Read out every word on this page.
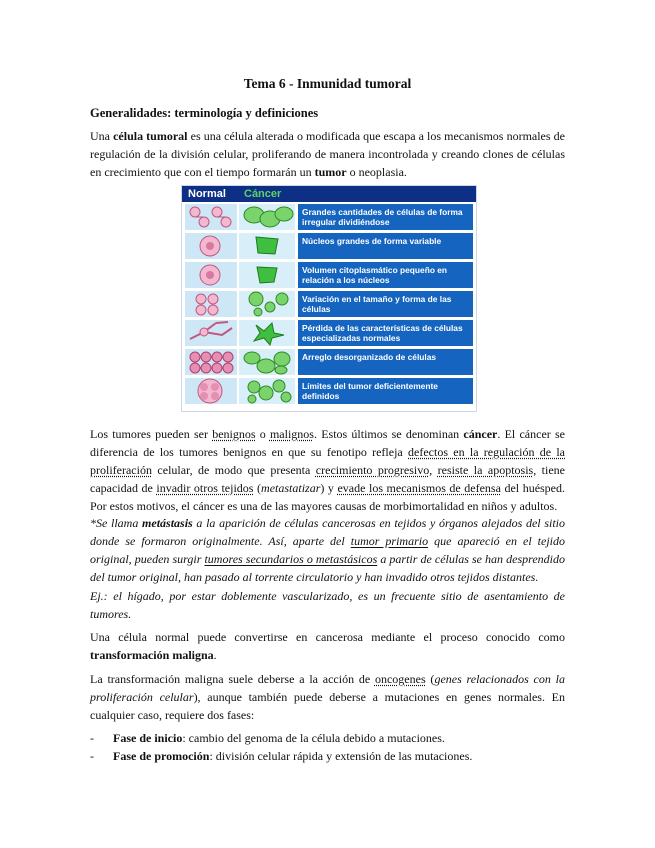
Tema 6 - Inmunidad tumoral
Generalidades: terminología y definiciones

Una célula tumoral es una célula alterada o modificada que escapa a los mecanismos normales de regulación de la división celular, proliferando de manera incontrolada y creando clones de células en crecimiento que con el tiempo formarán un tumor o neoplasia.

Normal Cáncer
Grandes cantidades de células de forma irregular dividiéndose
Núcleos grandes de forma variable
Volumen citoplasmático pequeño en relación a los núcleos
Variación en el tamaño y forma de las células
Pérdida de las características de células especializadas normales
Arreglo desorganizado de células
Límites del tumor deficientemente definidos

Los tumores pueden ser benignos o malignos. Estos últimos se denominan cáncer. El cáncer se diferencia de los tumores benignos en que su fenotipo refleja defectos en la regulación de la proliferación celular, de modo que presenta crecimiento progresivo, resiste la apoptosis, tiene capacidad de invadir otros tejidos (metastatizar) y evade los mecanismos de defensa del huésped. Por estos motivos, el cáncer es una de las mayores causas de morbimortalidad en niños y adultos.

*Se llama metástasis a la aparición de células cancerosas en tejidos y órganos alejados del sitio donde se formaron originalmente. Así, aparte del tumor primario que apareció en el tejido original, pueden surgir tumores secundarios o metastásicos a partir de células se han desprendido del tumor original, han pasado al torrente circulatorio y han invadido otros tejidos distantes.

Ej.: el hígado, por estar doblemente vascularizado, es un frecuente sitio de asentamiento de tumores.

Una célula normal puede convertirse en cancerosa mediante el proceso conocido como transformación maligna.

La transformación maligna suele deberse a la acción de oncogenes (genes relacionados con la proliferación celular), aunque también puede deberse a mutaciones en genes normales. En cualquier caso, requiere dos fases:

-	Fase de inicio: cambio del genoma de la célula debido a mutaciones.
-	Fase de promoción: división celular rápida y extensión de las mutaciones.
